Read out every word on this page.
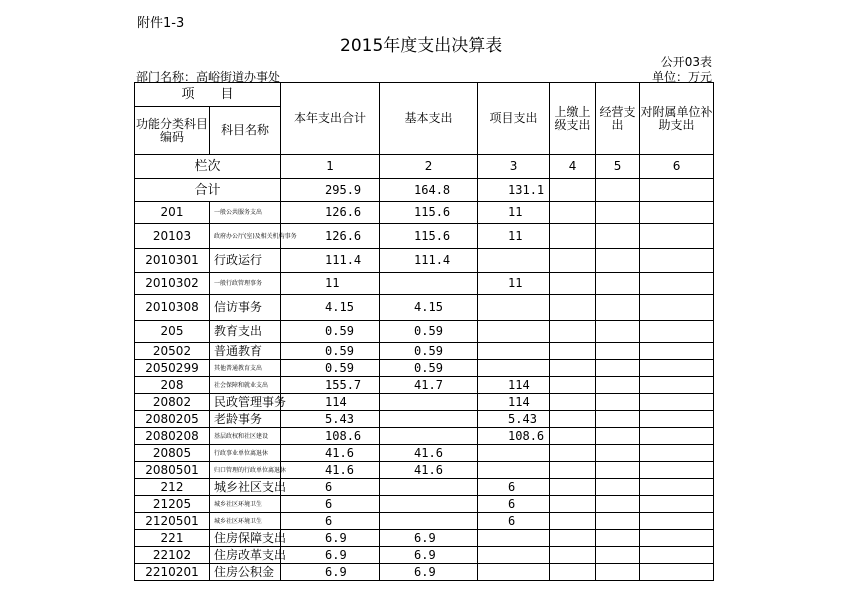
附件1-3
2015年度支出决算表
公开03表
部门名称：高峪街道办事处	单位：万元
项　　目		本年支出合计	基本支出	项目支出	上缴上级支出	经营支出	对附属单位补助支出
功能分类科目编码	科目名称						

栏次		1	2	3	4	5	6
合计		295.9	164.8	131.1			
201	一般公共服务支出	126.6	115.6	11			
20103	政府办公厅(室)及相关机构事务	126.6	115.6	11			
2010301	行政运行	111.4	111.4				
2010302	一般行政管理事务	11		11			
2010308	信访事务	4.15	4.15				
205	教育支出	0.59	0.59				
20502	普通教育	0.59	0.59				
2050299	其他普通教育支出	0.59	0.59				
208	社会保障和就业支出	155.7	41.7	114			
20802	民政管理事务	114		114			
2080205	老龄事务	5.43		5.43			
2080208	基层政权和社区建设	108.6		108.6			
20805	行政事业单位离退休	41.6	41.6				
2080501	归口管理的行政单位离退休	41.6	41.6				
212	城乡社区支出	6		6			
21205	城乡社区环境卫生	6		6			
2120501	城乡社区环境卫生	6		6			
221	住房保障支出	6.9	6.9				
22102	住房改革支出	6.9	6.9				
2210201	住房公积金	6.9	6.9				
